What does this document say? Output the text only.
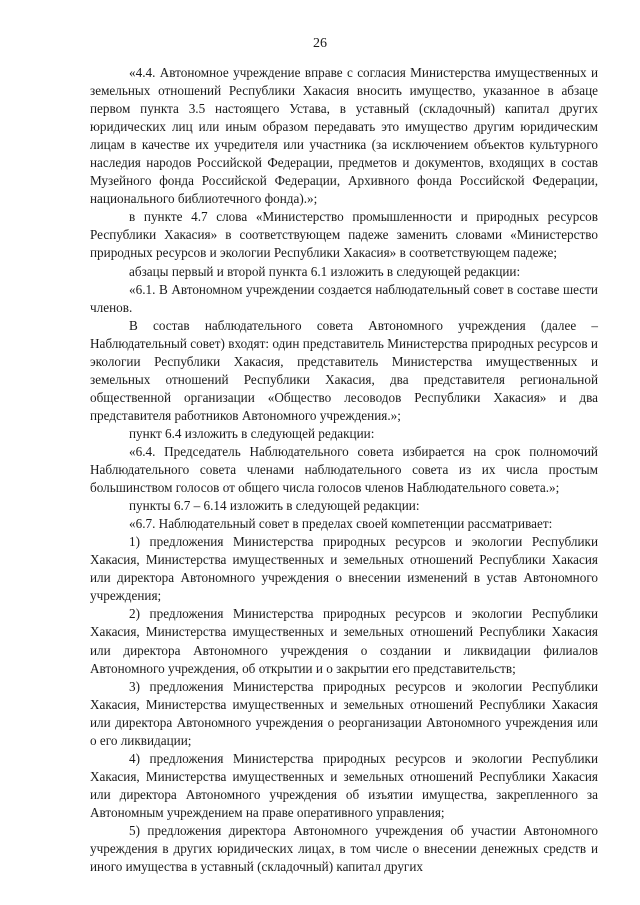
26

«4.4. Автономное учреждение вправе с согласия Министерства имущественных и земельных отношений Республики Хакасия вносить имущество, указанное в абзаце первом пункта 3.5 настоящего Устава, в уставный (складочный) капитал других юридических лиц или иным образом передавать это имущество другим юридическим лицам в качестве их учредителя или участника (за исключением объектов культурного наследия народов Российской Федерации, предметов и документов, входящих в состав Музейного фонда Российской Федерации, Архивного фонда Российской Федерации, национального библиотечного фонда).»;

в пункте 4.7 слова «Министерство промышленности и природных ресурсов Республики Хакасия» в соответствующем падеже заменить словами «Министерство природных ресурсов и экологии Республики Хакасия» в соответствующем падеже;

абзацы первый и второй пункта 6.1 изложить в следующей редакции:

«6.1. В Автономном учреждении создается наблюдательный совет в составе шести членов.

В состав наблюдательного совета Автономного учреждения (далее – Наблюдательный совет) входят: один представитель Министерства природных ресурсов и экологии Республики Хакасия, представитель Министерства имущественных и земельных отношений Республики Хакасия, два представителя региональной общественной организации «Общество лесоводов Республики Хакасия» и два представителя работников Автономного учреждения.»;

пункт 6.4 изложить в следующей редакции:

«6.4. Председатель Наблюдательного совета избирается на срок полномочий Наблюдательного совета членами наблюдательного совета из их числа простым большинством голосов от общего числа голосов членов Наблюдательного совета.»;

пункты 6.7 – 6.14 изложить в следующей редакции:

«6.7. Наблюдательный совет в пределах своей компетенции рассматривает:

1) предложения Министерства природных ресурсов и экологии Республики Хакасия, Министерства имущественных и земельных отношений Республики Хакасия или директора Автономного учреждения о внесении изменений в устав Автономного учреждения;

2) предложения Министерства природных ресурсов и экологии Республики Хакасия, Министерства имущественных и земельных отношений Республики Хакасия или директора Автономного учреждения о создании и ликвидации филиалов Автономного учреждения, об открытии и о закрытии его представительств;

3) предложения Министерства природных ресурсов и экологии Республики Хакасия, Министерства имущественных и земельных отношений Республики Хакасия или директора Автономного учреждения о реорганизации Автономного учреждения или о его ликвидации;

4) предложения Министерства природных ресурсов и экологии Республики Хакасия, Министерства имущественных и земельных отношений Республики Хакасия или директора Автономного учреждения об изъятии имущества, закрепленного за Автономным учреждением на праве оперативного управления;

5) предложения директора Автономного учреждения об участии Автономного учреждения в других юридических лицах, в том числе о внесении денежных средств и иного имущества в уставный (складочный) капитал других
